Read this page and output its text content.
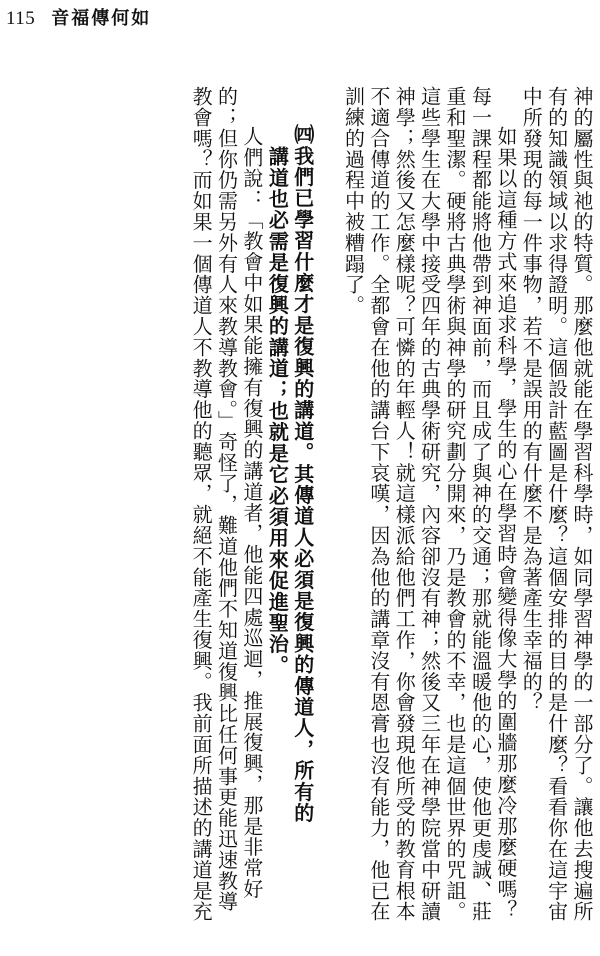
115 音福傳何如
神的屬性與祂的特質。那麼他就能在學習科學時，如同學習神學的一部分了。讓他去搜遍所
有的知識領域以求得證明。這個設計藍圖是什麼？這個安排的目的是什麼？看看你在這宇宙
中所發現的每一件事物，若不是誤用的有什麼不是為著產生幸福的？
如果以這種方式來追求科學，學生的心在學習時會變得像大學的圍牆那麼冷那麼硬嗎？
每一課程都能將他帶到神面前，而且成了與神的交通；那就能溫暖他的心，使他更虔誠、莊
重和聖潔。硬將古典學術與神學的研究劃分開來，乃是教會的不幸，也是這個世界的咒詛。
這些學生在大學中接受四年的古典學術研究，內容卻沒有神；然後又三年在神學院當中研讀
神學；然後又怎麼樣呢？可憐的年輕人！就這樣派給他們工作，你會發現他所受的教育根本
不適合傳道的工作。全都會在他的講台下哀嘆，因為他的講章沒有恩膏也沒有能力，他已在
訓練的過程中被糟蹋了。
㈣我們已學習什麼才是復興的講道。其傳道人必須是復興的傳道人，所有的
講道也必需是復興的講道；也就是它必須用來促進聖治。
人們說：「教會中如果能擁有復興的講道者，他能四處巡迴，推展復興，那是非常好
的；但你仍需另外有人來教導教會。」奇怪了，難道他們不知道復興比任何事更能迅速教導
教會嗎？而如果一個傳道人不教導他的聽眾，就絕不能產生復興。我前面所描述的講道是充
